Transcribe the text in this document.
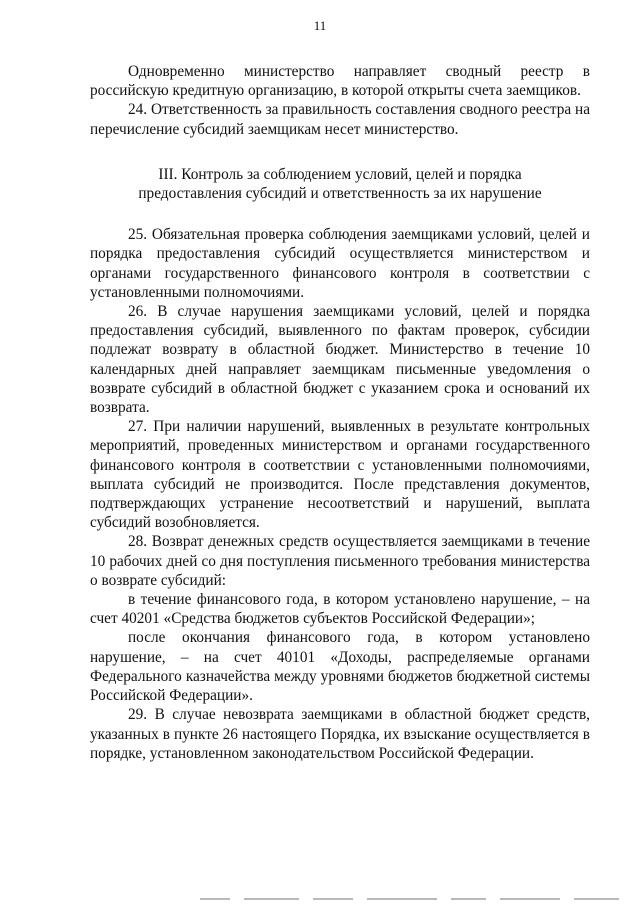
11

Одновременно министерство направляет сводный реестр в российскую кредитную организацию, в которой открыты счета заемщиков.

24. Ответственность за правильность составления сводного реестра на перечисление субсидий заемщикам несет министерство.

III. Контроль за соблюдением условий, целей и порядка
предоставления субсидий и ответственность за их нарушение

25. Обязательная проверка соблюдения заемщиками условий, целей и порядка предоставления субсидий осуществляется министерством и органами государственного финансового контроля в соответствии с установленными полномочиями.

26. В случае нарушения заемщиками условий, целей и порядка предоставления субсидий, выявленного по фактам проверок, субсидии подлежат возврату в областной бюджет. Министерство в течение 10 календарных дней направляет заемщикам письменные уведомления о возврате субсидий в областной бюджет с указанием срока и оснований их возврата.

27. При наличии нарушений, выявленных в результате контрольных мероприятий, проведенных министерством и органами государственного финансового контроля в соответствии с установленными полномочиями, выплата субсидий не производится. После представления документов, подтверждающих устранение несоответствий и нарушений, выплата субсидий возобновляется.

28. Возврат денежных средств осуществляется заемщиками в течение 10 рабочих дней со дня поступления письменного требования министерства о возврате субсидий:

в течение финансового года, в котором установлено нарушение, – на счет 40201 «Средства бюджетов субъектов Российской Федерации»;

после окончания финансового года, в котором установлено нарушение, – на счет 40101 «Доходы, распределяемые органами Федерального казначейства между уровнями бюджетов бюджетной системы Российской Федерации».

29. В случае невозврата заемщиками в областной бюджет средств, указанных в пункте 26 настоящего Порядка, их взыскание осуществляется в порядке, установленном законодательством Российской Федерации.
